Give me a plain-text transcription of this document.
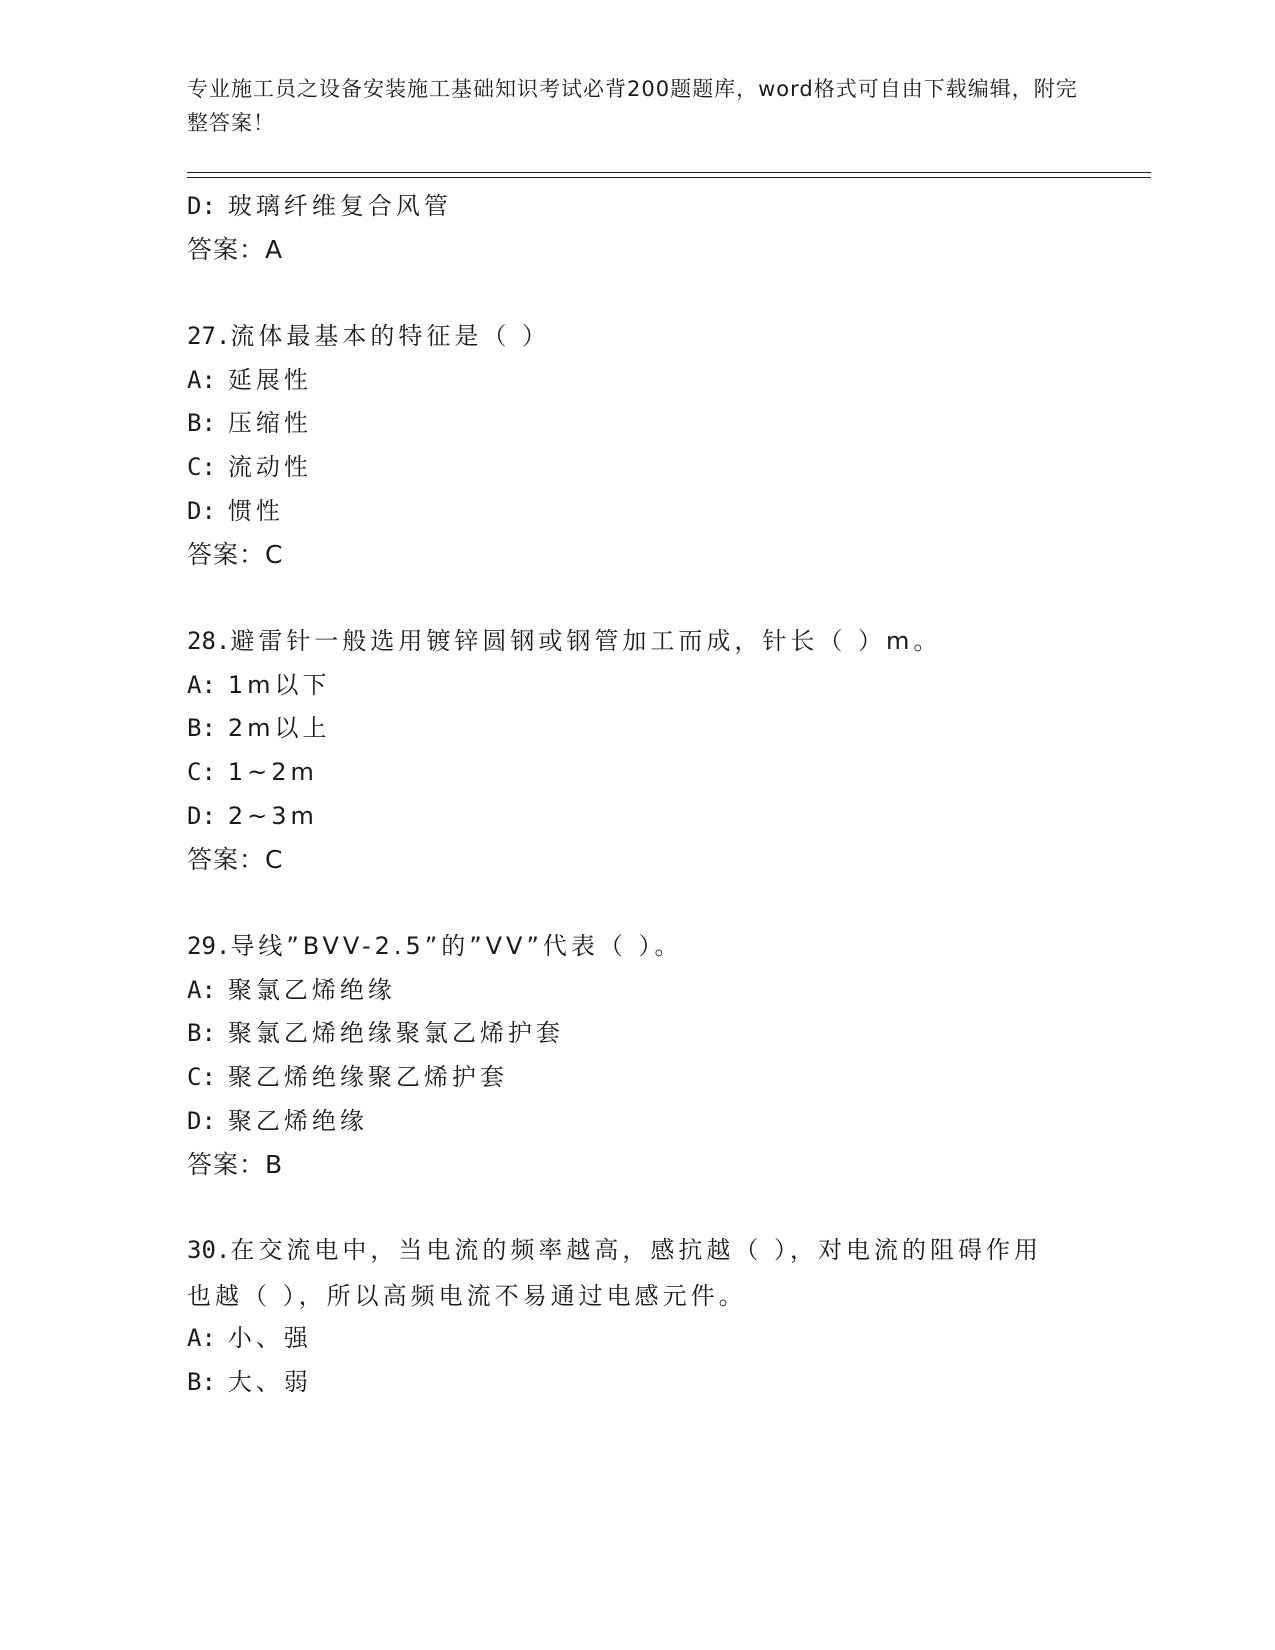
专业施工员之设备安装施工基础知识考试必背200题题库，word格式可自由下载编辑，附完整答案！
D: 玻璃纤维复合风管
答案：A
27.流体最基本的特征是（ ）
A: 延展性
B: 压缩性
C: 流动性
D: 惯性
答案：C
28.避雷针一般选用镀锌圆钢或钢管加工而成，针长（ ）m。
A: 1m以下
B: 2m以上
C: 1~2m
D: 2~3m
答案：C
29.导线”BVV-2.5”的”VV”代表（ ）。
A: 聚氯乙烯绝缘
B: 聚氯乙烯绝缘聚氯乙烯护套
C: 聚乙烯绝缘聚乙烯护套
D: 聚乙烯绝缘
答案：B
30.在交流电中，当电流的频率越高，感抗越（ ），对电流的阻碍作用也越（ ），所以高频电流不易通过电感元件。
A: 小、强
B: 大、弱
